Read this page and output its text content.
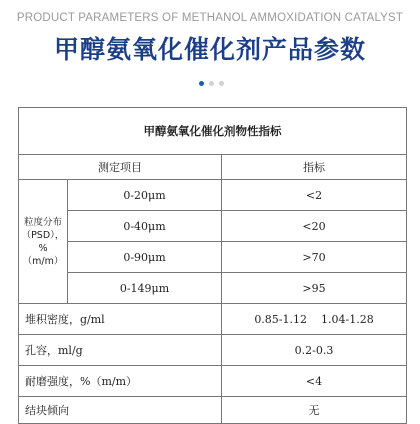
PRODUCT PARAMETERS OF METHANOL AMMOXIDATION CATALYST
甲醇氨氧化催化剂产品参数
甲醇氨氧化催化剂物性指标		
测定项目		指标
粒度分布
（PSD），%
（m/m）	0-20μm	<2
	0-40μm	<20
	0-90μm	>70
	0-149μm	>95
堆积密度，g/ml		0.85-1.12    1.04-1.28
孔容，ml/g		0.2-0.3
耐磨强度，%（m/m）		<4
结块倾向		无
